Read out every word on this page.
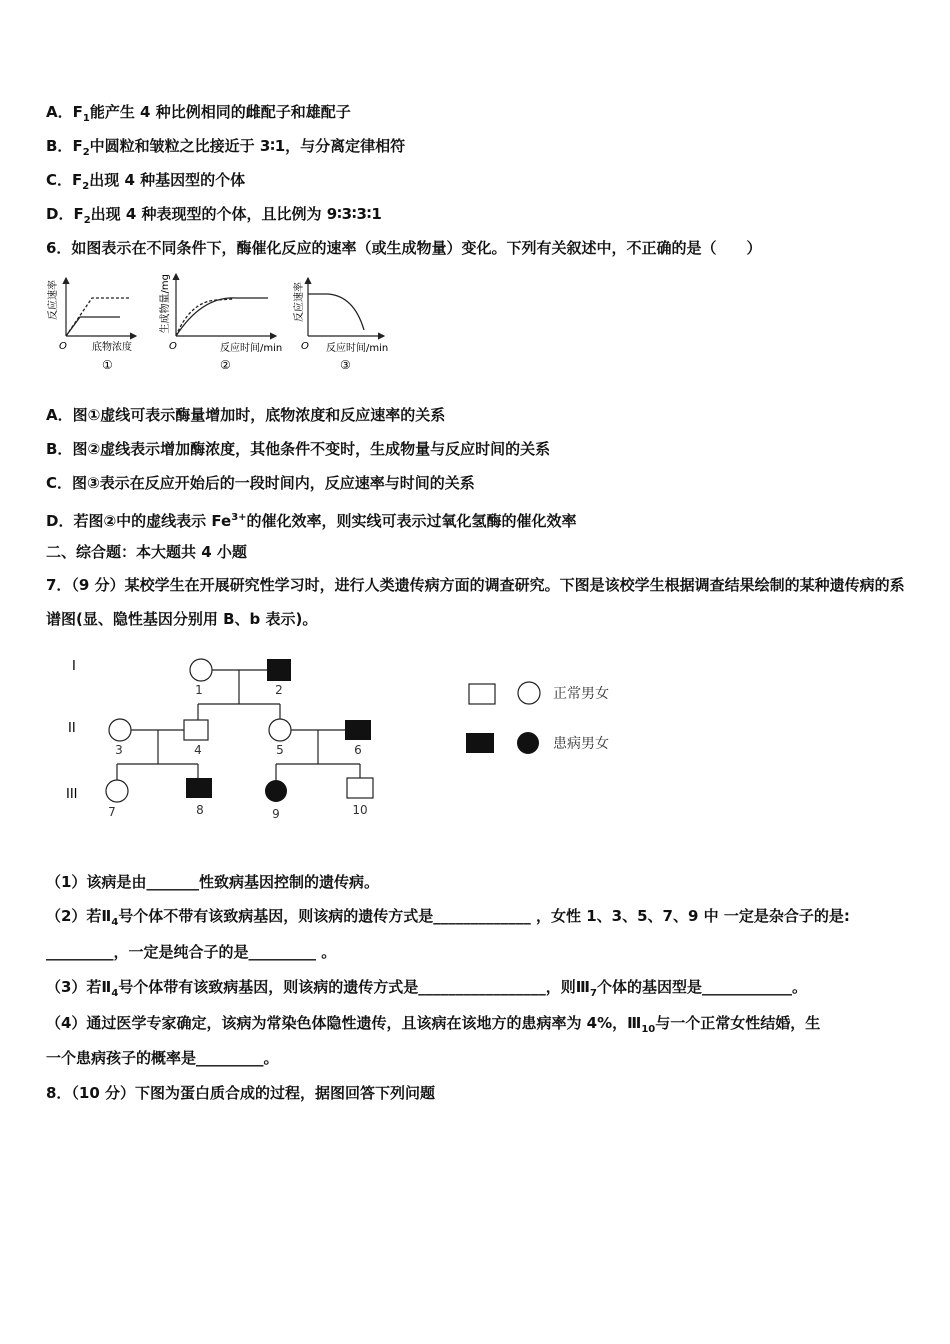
A．$F_1$能产生 4 种比例相同的雌配子和雄配子
B．$F_2$中圆粒和皱粒之比接近于 3∶1，与分离定律相符
C．$F_2$出现 4 种基因型的个体
D．$F_2$出现 4 种表现型的个体，且比例为 9∶3∶3∶1
6．如图表示在不同条件下，酶催化反应的速率（或生成物量）变化。下列有关叙述中，不正确的是（　　）
反应速率
O	底物浓度
①
生成物量/mg
O	反应时间/min
②
反应速率
O 反应时间/min
③
A．图①虚线可表示酶量增加时，底物浓度和反应速率的关系
B．图②虚线表示增加酶浓度，其他条件不变时，生成物量与反应时间的关系
C．图③表示在反应开始后的一段时间内，反应速率与时间的关系
D．若图②中的虚线表示 $Fe^{3+}$的催化效率，则实线可表示过氧化氢酶的催化效率
二、综合题：本大题共 4 小题
7．（9 分）某校学生在开展研究性学习时，进行人类遗传病方面的调查研究。下图是该校学生根据调查结果绘制的某种遗传病的系谱图(显、隐性基因分别用 B、b 表示)。
I
II
III
1	2
3	4	5	6
7	8	9	10
正常男女
患病男女
（1）该病是由_______性致病基因控制的遗传病。
（2）若$Ⅱ_4$号个体不带有该致病基因，则该病的遗传方式是_____________ ，女性 1、3、5、7、9 中 一定是杂合子的是:
_________，一定是纯合子的是_________ 。
（3）若$Ⅱ_4$号个体带有该致病基因，则该病的遗传方式是_________________，则$Ⅲ_7$个体的基因型是____________。
（4）通过医学专家确定，该病为常染色体隐性遗传，且该病在该地方的患病率为 4%，$Ⅲ_{10}$与一个正常女性结婚，生
一个患病孩子的概率是_________。
8．（10 分）下图为蛋白质合成的过程，据图回答下列问题
